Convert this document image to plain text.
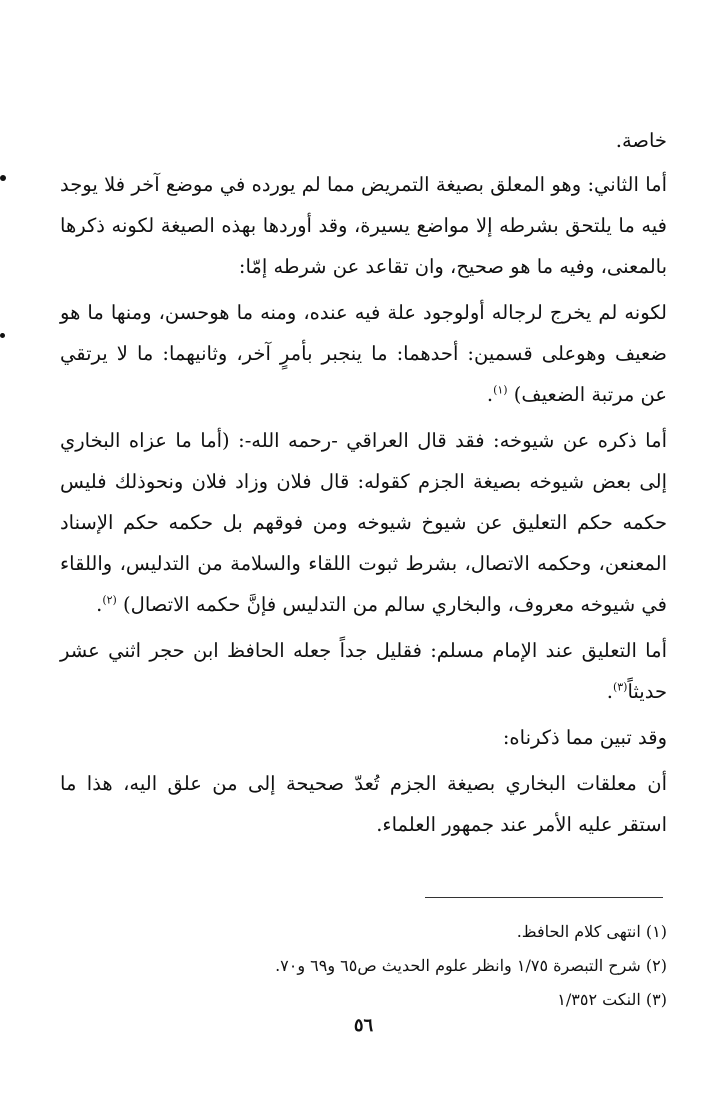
خاصة.

أما الثاني: وهو المعلق بصيغة التمريض مما لم يورده في موضع آخر فلا يوجد فيه ما يلتحق بشرطه إلا مواضع يسيرة، وقد أوردها بهذه الصيغة لكونه ذكرها بالمعنى، وفيه ما هو صحيح، وان تقاعد عن شرطه إمّا:

لكونه لم يخرج لرجاله أولوجود علة فيه عنده، ومنه ما هوحسن، ومنها ما هو ضعيف وهوعلى قسمين: أحدهما: ما ينجبر بأمرٍ آخر، وثانيهما: ما لا يرتقي عن مرتبة الضعيف) $^{(١)}$.

أما ذكره عن شيوخه: فقد قال العراقي -رحمه الله-: (أما ما عزاه البخاري إلى بعض شيوخه بصيغة الجزم كقوله: قال فلان وزاد فلان ونحوذلك فليس حكمه حكم التعليق عن شيوخ شيوخه ومن فوقهم بل حكمه حكم الإسناد المعنعن، وحكمه الاتصال، بشرط ثبوت اللقاء والسلامة من التدليس، واللقاء في شيوخه معروف، والبخاري سالم من التدليس فإنَّ حكمه الاتصال) $^{(٢)}$.

أما التعليق عند الإمام مسلم: فقليل جداً جعله الحافظ ابن حجر اثني عشر حديثاً$^{(٣)}$.

وقد تبين مما ذكرناه:

أن معلقات البخاري بصيغة الجزم تُعدّ صحيحة إلى من علق اليه، هذا ما استقر عليه الأمر عند جمهور العلماء.

(١) انتهى كلام الحافظ.
(٢) شرح التبصرة ١/٧٥ وانظر علوم الحديث ص٦٥ و٦٩ و٧٠.
(٣) النكت ١/٣٥٢
٥٦
